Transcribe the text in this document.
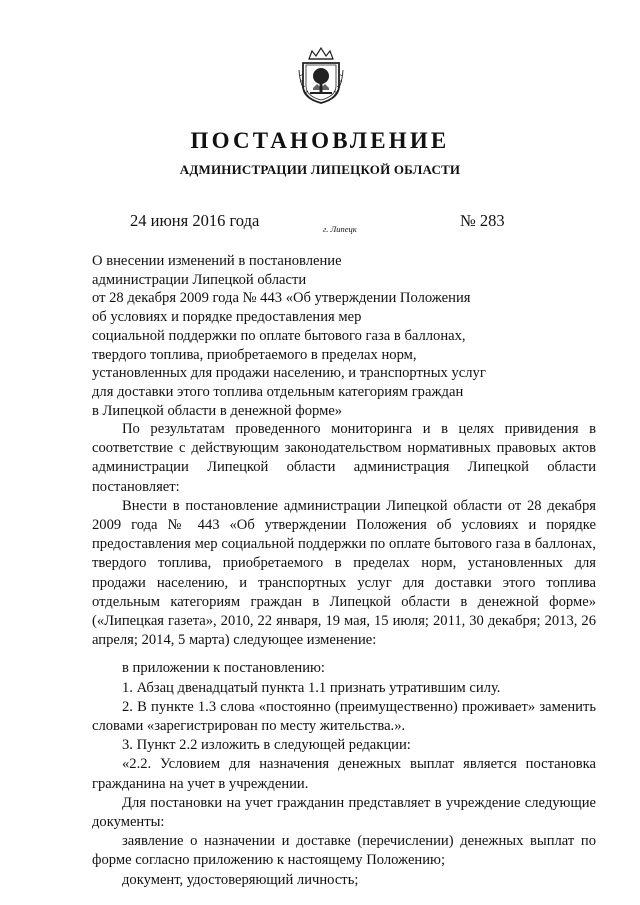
ПОСТАНОВЛЕНИЕ
АДМИНИСТРАЦИИ ЛИПЕЦКОЙ ОБЛАСТИ
24 июня 2016 года	г. Липецк	№ 283
О внесении изменений в постановление
администрации Липецкой области
от 28 декабря 2009 года № 443 «Об утверждении Положения
об условиях и порядке предоставления мер
социальной поддержки по оплате бытового газа в баллонах,
твердого топлива, приобретаемого в пределах норм,
установленных для продажи населению, и транспортных услуг
для доставки этого топлива отдельным категориям граждан
в Липецкой области в денежной форме»

По результатам проведенного мониторинга и в целях привидения в соответствие с действующим законодательством нормативных правовых актов администрации Липецкой области администрация Липецкой области постановляет:

Внести в постановление администрации Липецкой области от 28 декабря 2009 года № 443 «Об утверждении Положения об условиях и порядке предоставления мер социальной поддержки по оплате бытового газа в баллонах, твердого топлива, приобретаемого в пределах норм, установленных для продажи населению, и транспортных услуг для доставки этого топлива отдельным категориям граждан в Липецкой области в денежной форме» («Липецкая газета», 2010, 22 января, 19 мая, 15 июля; 2011, 30 декабря; 2013, 26 апреля; 2014, 5 марта) следующее изменение:

в приложении к постановлению:

1. Абзац двенадцатый пункта 1.1 признать утратившим силу.

2. В пункте 1.3 слова «постоянно (преимущественно) проживает» заменить словами «зарегистрирован по месту жительства.».

3. Пункт 2.2 изложить в следующей редакции:

«2.2. Условием для назначения денежных выплат является постановка гражданина на учет в учреждении.

Для постановки на учет гражданин представляет в учреждение следующие документы:

заявление о назначении и доставке (перечислении) денежных выплат по форме согласно приложению к настоящему Положению;

документ, удостоверяющий личность;
